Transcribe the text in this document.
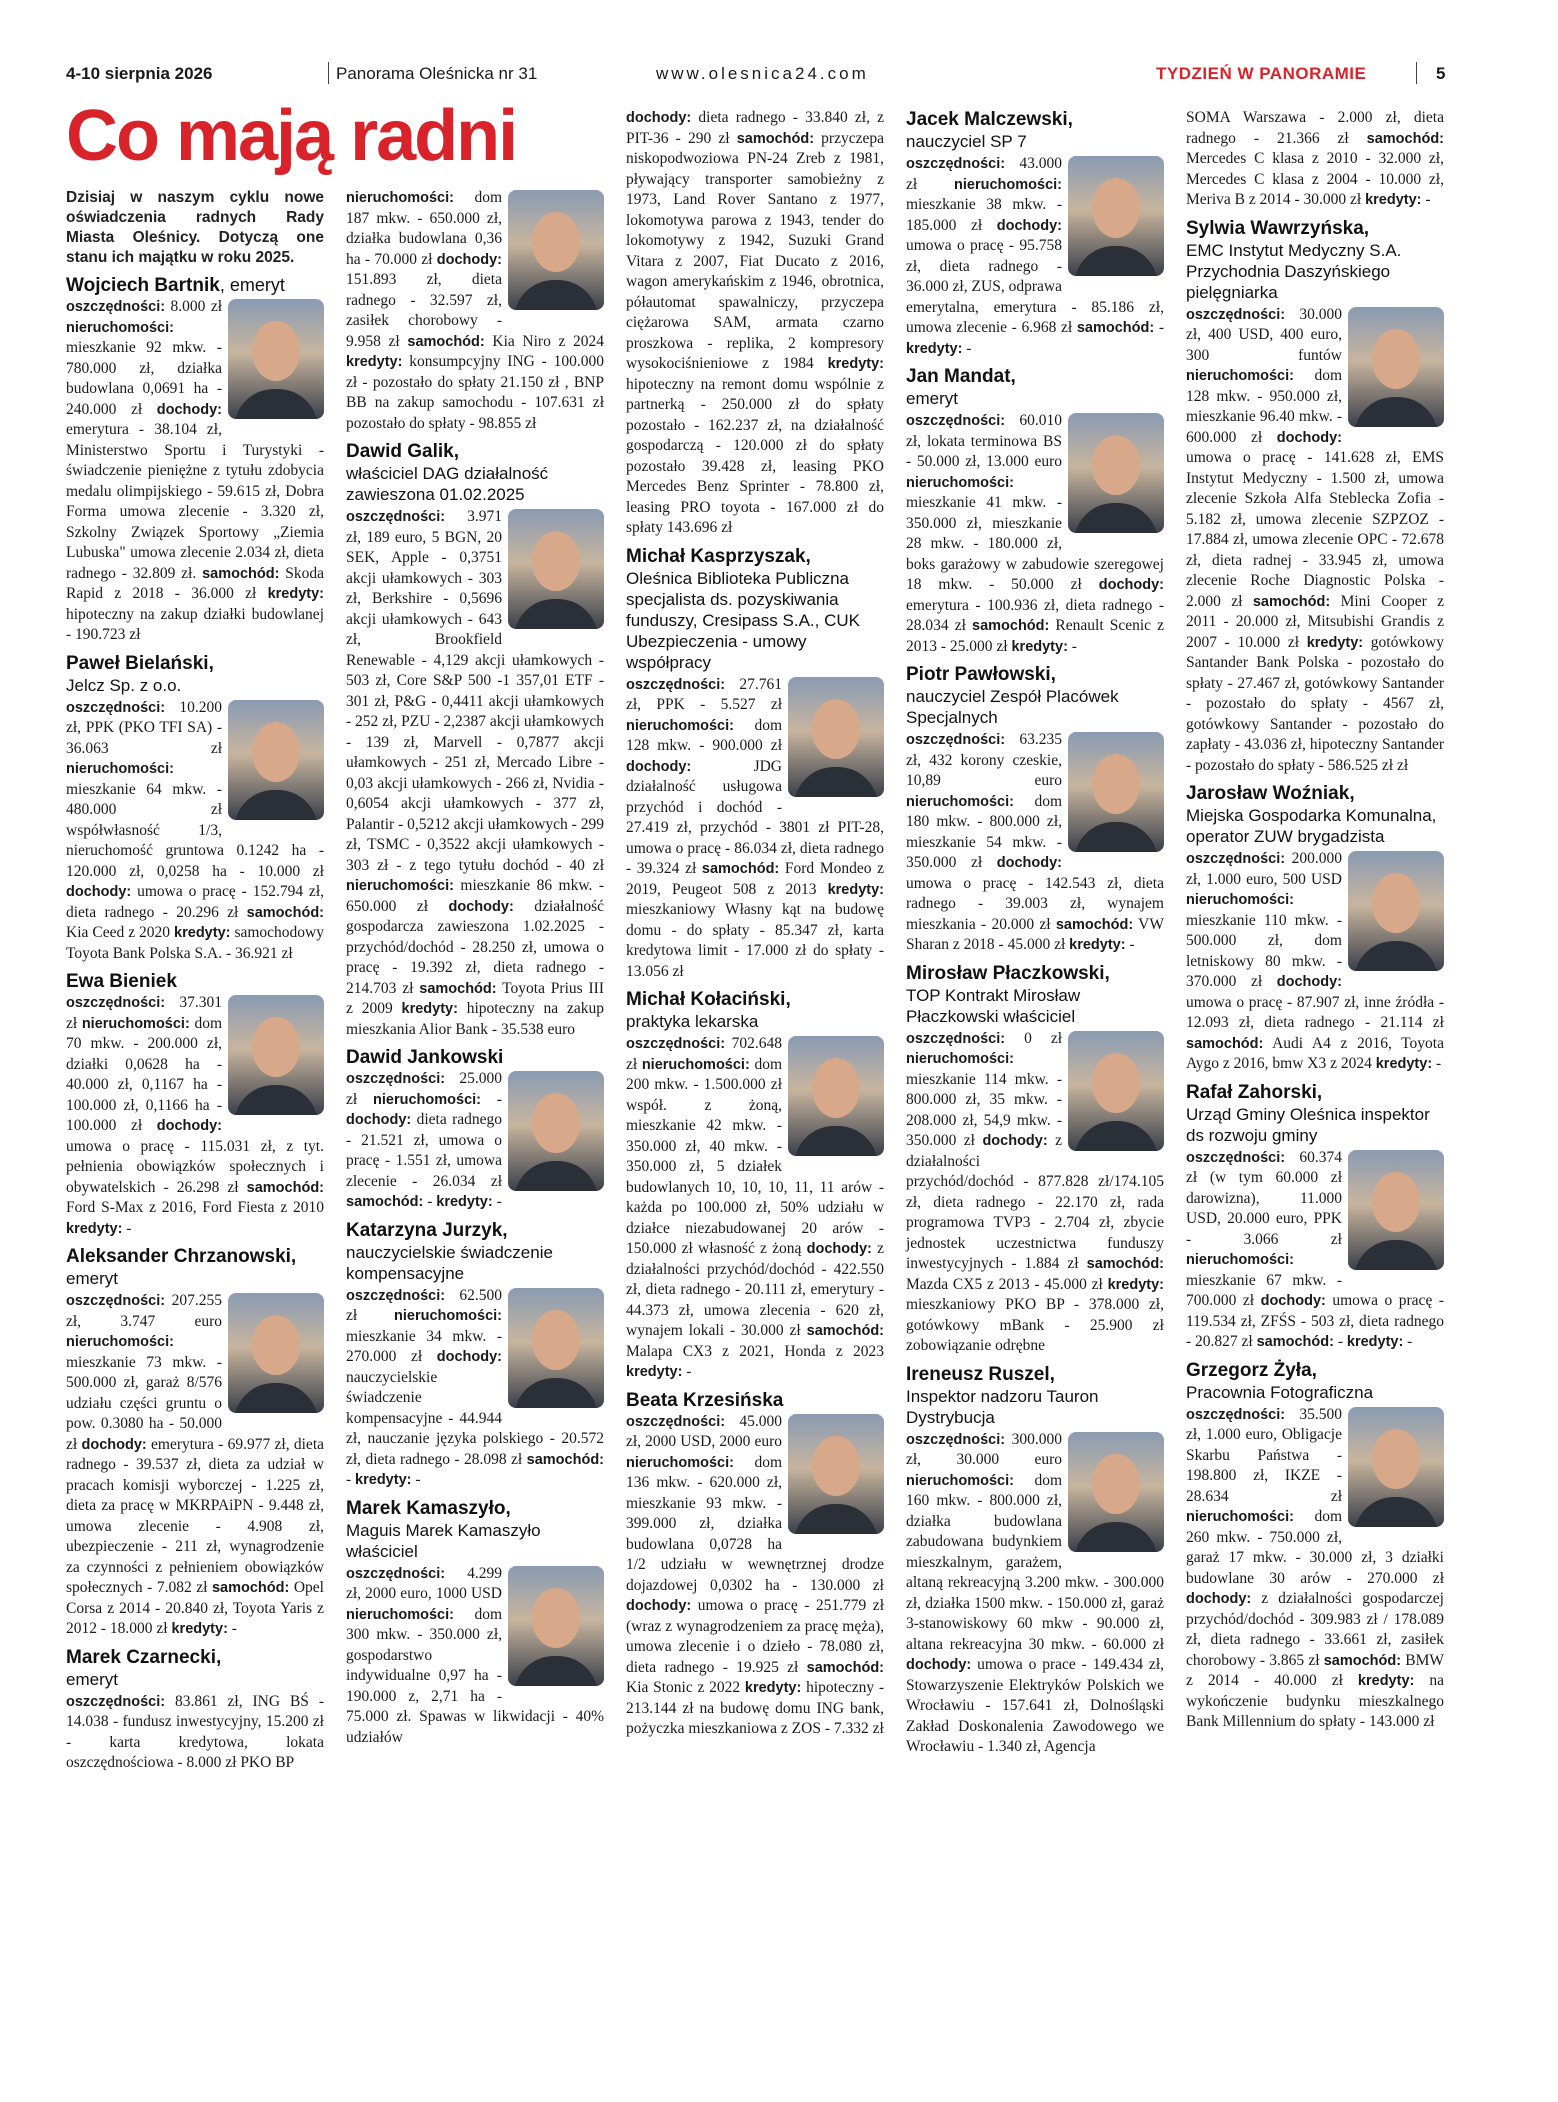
4-10 sierpnia 2026	Panorama Oleśnicka nr 31	www.olesnica24.com	TYDZIEŃ W PANORAMIE	5
Co mają radni

Dzisiaj w naszym cyklu nowe oświadczenia radnych Rady Miasta Oleśnicy. Dotyczą one stanu ich majątku w roku 2025.

Wojciech Bartnik, emeryt
oszczędności: 8.000 zł nieruchomości: mieszkanie 92 mkw. - 780.000 zł, działka budowlana 0,0691 ha - 240.000 zł dochody: emerytura - 38.104 zł, Ministerstwo Sportu i Turystyki - świadczenie pieniężne z tytułu zdobycia medalu olimpijskiego - 59.615 zł, Dobra Forma umowa zlecenie - 3.320 zł, Szkolny Związek Sportowy „Ziemia Lubuska" umowa zlecenie 2.034 zł, dieta radnego - 32.809 zł. samochód: Skoda Rapid z 2018 - 36.000 zł kredyty: hipoteczny na zakup działki budowlanej - 190.723 zł
Paweł Bielański,
Jelcz Sp. z o.o.
oszczędności: 10.200 zł, PPK (PKO TFI SA) - 36.063 zł nieruchomości: mieszkanie 64 mkw. - 480.000 zł współwłasność 1/3, nieruchomość gruntowa 0.1242 ha - 120.000 zł, 0,0258 ha - 10.000 zł dochody: umowa o pracę - 152.794 zł, dieta radnego - 20.296 zł samochód: Kia Ceed z 2020 kredyty: samochodowy Toyota Bank Polska S.A. - 36.921 zł
Ewa Bieniek
oszczędności: 37.301 zł nieruchomości: dom 70 mkw. - 200.000 zł, działki 0,0628 ha - 40.000 zł, 0,1167 ha - 100.000 zł, 0,1166 ha - 100.000 zł dochody: umowa o pracę - 115.031 zł, z tyt. pełnienia obowiązków społecznych i obywatelskich - 26.298 zł samochód: Ford S-Max z 2016, Ford Fiesta z 2010 kredyty: -
Aleksander Chrzanowski,
emeryt
oszczędności: 207.255 zł, 3.747 euro nieruchomości: mieszkanie 73 mkw. - 500.000 zł, garaż 8/576 udziału części gruntu o pow. 0.3080 ha - 50.000 zł dochody: emerytura - 69.977 zł, dieta radnego - 39.537 zł, dieta za udział w pracach komisji wyborczej - 1.225 zł, dieta za pracę w MKRPAiPN - 9.448 zł, umowa zlecenie - 4.908 zł, ubezpieczenie - 211 zł, wynagrodzenie za czynności z pełnieniem obowiązków społecznych - 7.082 zł samochód: Opel Corsa z 2014 - 20.840 zł, Toyota Yaris z 2012 - 18.000 zł kredyty: -
Marek Czarnecki,
emeryt
oszczędności: 83.861 zł, ING BŚ - 14.038 - fundusz inwestycyjny, 15.200 zł - karta kredytowa, lokata oszczędnościowa - 8.000 zł PKO BP
nieruchomości: dom 187 mkw. - 650.000 zł, działka budowlana 0,36 ha - 70.000 zł dochody: 151.893 zł, dieta radnego - 32.597 zł, zasiłek chorobowy - 9.958 zł samochód: Kia Niro z 2024 kredyty: konsumpcyjny ING - 100.000 zł - pozostało do spłaty 21.150 zł , BNP BB na zakup samochodu - 107.631 zł pozostało do spłaty - 98.855 zł
Dawid Galik,
właściciel DAG działalność zawieszona 01.02.2025
oszczędności: 3.971 zł, 189 euro, 5 BGN, 20 SEK, Apple - 0,3751 akcji ułamkowych - 303 zł, Berkshire - 0,5696 akcji ułamkowych - 643 zł, Brookfield Renewable - 4,129 akcji ułamkowych - 503 zł, Core S&P 500 -1 357,01 ETF - 301 zł, P&G - 0,4411 akcji ułamkowych - 252 zł, PZU - 2,2387 akcji ułamkowych - 139 zł, Marvell - 0,7877 akcji ułamkowych - 251 zł, Mercado Libre - 0,03 akcji ułamkowych - 266 zł, Nvidia - 0,6054 akcji ułamkowych - 377 zł, Palantir - 0,5212 akcji ułamkowych - 299 zł, TSMC - 0,3522 akcji ułamkowych - 303 zł - z tego tytułu dochód - 40 zł nieruchomości: mieszkanie 86 mkw. - 650.000 zł dochody: działalność gospodarcza zawieszona 1.02.2025 - przychód/dochód - 28.250 zł, umowa o pracę - 19.392 zł, dieta radnego - 214.703 zł samochód: Toyota Prius III z 2009 kredyty: hipoteczny na zakup mieszkania Alior Bank - 35.538 euro
Dawid Jankowski
oszczędności: 25.000 zł nieruchomości: - dochody: dieta radnego - 21.521 zł, umowa o pracę - 1.551 zł, umowa zlecenie - 26.034 zł samochód: - kredyty: -
Katarzyna Jurzyk,
nauczycielskie świadczenie kompensacyjne
oszczędności: 62.500 zł nieruchomości: mieszkanie 34 mkw. - 270.000 zł dochody: nauczycielskie świadczenie kompensacyjne - 44.944 zł, nauczanie języka polskiego - 20.572 zł, dieta radnego - 28.098 zł samochód: - kredyty: -
Marek Kamaszyło,
Maguis Marek Kamaszyło właściciel
oszczędności: 4.299 zł, 2000 euro, 1000 USD nieruchomości: dom 300 mkw. - 350.000 zł, gospodarstwo indywidualne 0,97 ha - 190.000 z, 2,71 ha - 75.000 zł. Spawas w likwidacji - 40% udziałów
dochody: dieta radnego - 33.840 zł, z PIT-36 - 290 zł samochód: przyczepa niskopodwoziowa PN-24 Zreb z 1981, pływający transporter samobieżny z 1973, Land Rover Santano z 1977, lokomotywa parowa z 1943, tender do lokomotywy z 1942, Suzuki Grand Vitara z 2007, Fiat Ducato z 2016, wagon amerykańskim z 1946, obrotnica, półautomat spawalniczy, przyczepa ciężarowa SAM, armata czarno proszkowa - replika, 2 kompresory wysokociśnieniowe z 1984 kredyty: hipoteczny na remont domu wspólnie z partnerką - 250.000 zł do spłaty pozostało - 162.237 zł, na działalność gospodarczą - 120.000 zł do spłaty pozostało 39.428 zł, leasing PKO Mercedes Benz Sprinter - 78.800 zł, leasing PRO toyota - 167.000 zł do spłaty 143.696 zł
Michał Kasprzyszak,
Oleśnica Biblioteka Publiczna specjalista ds. pozyskiwania funduszy, Cresipass S.A., CUK Ubezpieczenia - umowy współpracy
oszczędności: 27.761 zł, PPK - 5.527 zł nieruchomości: dom 128 mkw. - 900.000 zł dochody: JDG działalność usługowa przychód i dochód - 27.419 zł, przychód - 3801 zł PIT-28, umowa o pracę - 86.034 zł, dieta radnego - 39.324 zł samochód: Ford Mondeo z 2019, Peugeot 508 z 2013 kredyty: mieszkaniowy Własny kąt na budowę domu - do spłaty - 85.347 zł, karta kredytowa limit - 17.000 zł do spłaty - 13.056 zł
Michał Kołaciński,
praktyka lekarska
oszczędności: 702.648 zł nieruchomości: dom 200 mkw. - 1.500.000 zł współ. z żoną, mieszkanie 42 mkw. - 350.000 zł, 40 mkw. - 350.000 zł, 5 działek budowlanych 10, 10, 10, 11, 11 arów - każda po 100.000 zł, 50% udziału w działce niezabudowanej 20 arów - 150.000 zł własność z żoną dochody: z działalności przychód/dochód - 422.550 zł, dieta radnego - 20.111 zł, emerytury - 44.373 zł, umowa zlecenia - 620 zł, wynajem lokali - 30.000 zł samochód: Malapa CX3 z 2021, Honda z 2023 kredyty: -
Beata Krzesińska
oszczędności: 45.000 zł, 2000 USD, 2000 euro nieruchomości: dom 136 mkw. - 620.000 zł, mieszkanie 93 mkw. - 399.000 zł, działka budowlana 0,0728 ha 1/2 udziału w wewnętrznej drodze dojazdowej 0,0302 ha - 130.000 zł dochody: umowa o pracę - 251.779 zł (wraz z wynagrodzeniem za pracę męża), umowa zlecenie i o dzieło - 78.080 zł, dieta radnego - 19.925 zł samochód: Kia Stonic z 2022 kredyty: hipoteczny - 213.144 zł na budowę domu ING bank, pożyczka mieszkaniowa z ZOS - 7.332 zł
Jacek Malczewski,
nauczyciel SP 7
oszczędności: 43.000 zł nieruchomości: mieszkanie 38 mkw. - 185.000 zł dochody: umowa o pracę - 95.758 zł, dieta radnego - 36.000 zł, ZUS, odprawa emerytalna, emerytura - 85.186 zł, umowa zlecenie - 6.968 zł samochód: - kredyty: -
Jan Mandat,
emeryt
oszczędności: 60.010 zł, lokata terminowa BS - 50.000 zł, 13.000 euro nieruchomości: mieszkanie 41 mkw. - 350.000 zł, mieszkanie 28 mkw. - 180.000 zł, boks garażowy w zabudowie szeregowej 18 mkw. - 50.000 zł dochody: emerytura - 100.936 zł, dieta radnego - 28.034 zł samochód: Renault Scenic z 2013 - 25.000 zł kredyty: -
Piotr Pawłowski,
nauczyciel Zespół Placówek Specjalnych
oszczędności: 63.235 zł, 432 korony czeskie, 10,89 euro nieruchomości: dom 180 mkw. - 800.000 zł, mieszkanie 54 mkw. - 350.000 zł dochody: umowa o pracę - 142.543 zł, dieta radnego - 39.003 zł, wynajem mieszkania - 20.000 zł samochód: VW Sharan z 2018 - 45.000 zł kredyty: -
Mirosław Płaczkowski,
TOP Kontrakt Mirosław Płaczkowski właściciel
oszczędności: 0 zł nieruchomości: mieszkanie 114 mkw. - 800.000 zł, 35 mkw. - 208.000 zł, 54,9 mkw. - 350.000 zł dochody: z działalności przychód/dochód - 877.828 zł/174.105 zł, dieta radnego - 22.170 zł, rada programowa TVP3 - 2.704 zł, zbycie jednostek uczestnictwa funduszy inwestycyjnych - 1.884 zł samochód: Mazda CX5 z 2013 - 45.000 zł kredyty: mieszkaniowy PKO BP - 378.000 zł, gotówkowy mBank - 25.900 zł zobowiązanie odrębne
Ireneusz Ruszel,
Inspektor nadzoru Tauron Dystrybucja
oszczędności: 300.000 zł, 30.000 euro nieruchomości: dom 160 mkw. - 800.000 zł, działka budowlana zabudowana budynkiem mieszkalnym, garażem, altaną rekreacyjną 3.200 mkw. - 300.000 zł, działka 1500 mkw. - 150.000 zł, garaż 3-stanowiskowy 60 mkw - 90.000 zł, altana rekreacyjna 30 mkw. - 60.000 zł dochody: umowa o prace - 149.434 zł, Stowarzyszenie Elektryków Polskich we Wrocławiu - 157.641 zł, Dolnośląski Zakład Doskonalenia Zawodowego we Wrocławiu - 1.340 zł, Agencja
SOMA Warszawa - 2.000 zł, dieta radnego - 21.366 zł samochód: Mercedes C klasa z 2010 - 32.000 zł, Mercedes C klasa z 2004 - 10.000 zł, Meriva B z 2014 - 30.000 zł kredyty: -
Sylwia Wawrzyńska,
EMC Instytut Medyczny S.A. Przychodnia Daszyńskiego pielęgniarka
oszczędności: 30.000 zł, 400 USD, 400 euro, 300 funtów nieruchomości: dom 128 mkw. - 950.000 zł, mieszkanie 96.40 mkw. - 600.000 zł dochody: umowa o pracę - 141.628 zł, EMS Instytut Medyczny - 1.500 zł, umowa zlecenie Szkoła Alfa Steblecka Zofia - 5.182 zł, umowa zlecenie SZPZOZ - 17.884 zł, umowa zlecenie OPC - 72.678 zł, dieta radnej - 33.945 zł, umowa zlecenie Roche Diagnostic Polska - 2.000 zł samochód: Mini Cooper z 2011 - 20.000 zł, Mitsubishi Grandis z 2007 - 10.000 zł kredyty: gotówkowy Santander Bank Polska - pozostało do spłaty - 27.467 zł, gotówkowy Santander - pozostało do spłaty - 4567 zł, gotówkowy Santander - pozostało do zapłaty - 43.036 zł, hipoteczny Santander - pozostało do spłaty - 586.525 zł zł
Jarosław Woźniak,
Miejska Gospodarka Komunalna, operator ZUW brygadzista
oszczędności: 200.000 zł, 1.000 euro, 500 USD nieruchomości: mieszkanie 110 mkw. - 500.000 zł, dom letniskowy 80 mkw. - 370.000 zł dochody: umowa o pracę - 87.907 zł, inne źródła - 12.093 zł, dieta radnego - 21.114 zł samochód: Audi A4 z 2016, Toyota Aygo z 2016, bmw X3 z 2024 kredyty: -
Rafał Zahorski,
Urząd Gminy Oleśnica inspektor ds rozwoju gminy
oszczędności: 60.374 zł (w tym 60.000 zł darowizna), 11.000 USD, 20.000 euro, PPK - 3.066 zł nieruchomości: mieszkanie 67 mkw. - 700.000 zł dochody: umowa o pracę - 119.534 zł, ZFŚS - 503 zł, dieta radnego - 20.827 zł samochód: - kredyty: -
Grzegorz Żyła,
Pracownia Fotograficzna
oszczędności: 35.500 zł, 1.000 euro, Obligacje Skarbu Państwa - 198.800 zł, IKZE - 28.634 zł nieruchomości: dom 260 mkw. - 750.000 zł, garaż 17 mkw. - 30.000 zł, 3 działki budowlane 30 arów - 270.000 zł dochody: z działalności gospodarczej przychód/dochód - 309.983 zł / 178.089 zł, dieta radnego - 33.661 zł, zasiłek chorobowy - 3.865 zł samochód: BMW z 2014 - 40.000 zł kredyty: na wykończenie budynku mieszkalnego Bank Millennium do spłaty - 143.000 zł
